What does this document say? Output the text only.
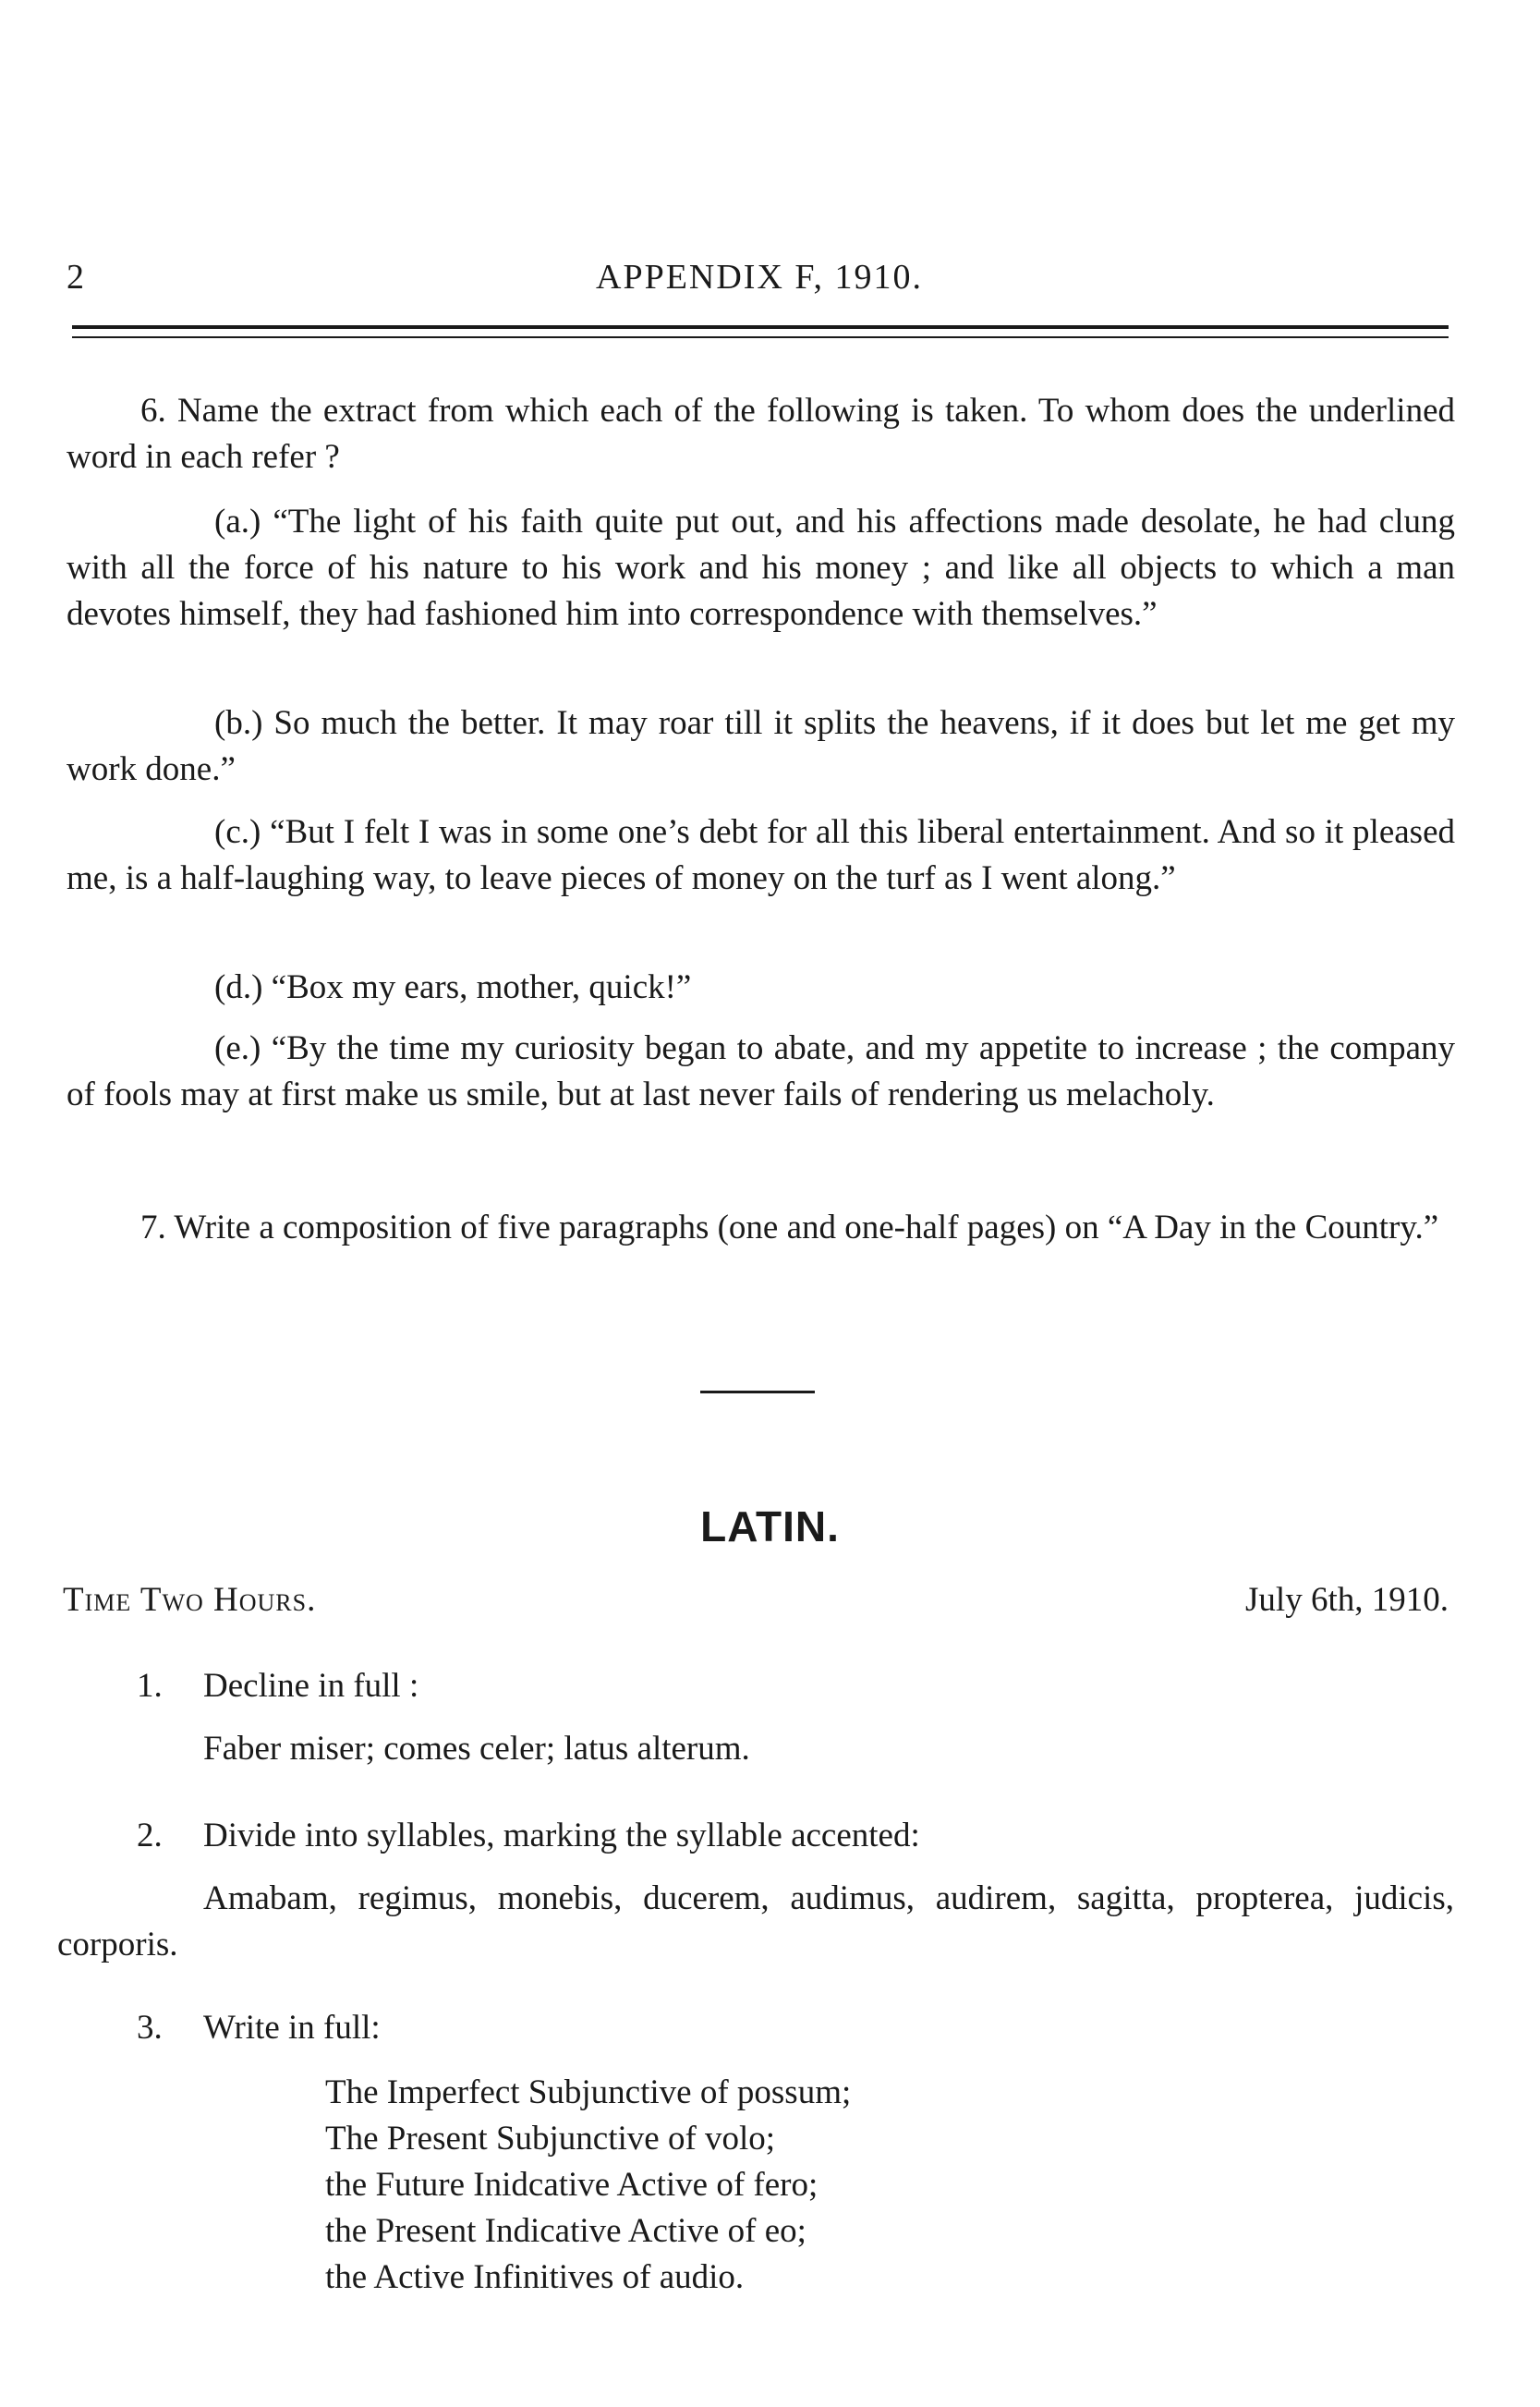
2	APPENDIX F, 1910.

6. Name the extract from which each of the following is taken. To whom does the underlined word in each refer ?

(a.) “The light of his faith quite put out, and his affections made desolate, he had clung with all the force of his nature to his work and his money ; and like all objects to which a man devotes himself, they had fashioned him into correspondence with themselves.”

(b.) So much the better. It may roar till it splits the heavens, if it does but let me get my work done.”

(c.) “But I felt I was in some one’s debt for all this liberal entertainment. And so it pleased me, is a half-laughing way, to leave pieces of money on the turf as I went along.”

(d.) “Box my ears, mother, quick!”

(e.) “By the time my curiosity began to abate, and my appetite to increase ; the company of fools may at first make us smile, but at last never fails of rendering us melacholy.

7. Write a composition of five paragraphs (one and one-half pages) on “A Day in the Country.”

LATIN.
Time Two Hours.	July 6th, 1910.
1. Decline in full :
Faber miser; comes celer; latus alterum.
2. Divide into syllables, marking the syllable accented:

Amabam, regimus, monebis, ducerem, audimus, audirem, sagitta, propterea, judicis, corporis.

3. Write in full:
The Imperfect Subjunctive of possum;
The Present Subjunctive of volo;
the Future Inidcative Active of fero;
the Present Indicative Active of eo;
the Active Infinitives of audio.
